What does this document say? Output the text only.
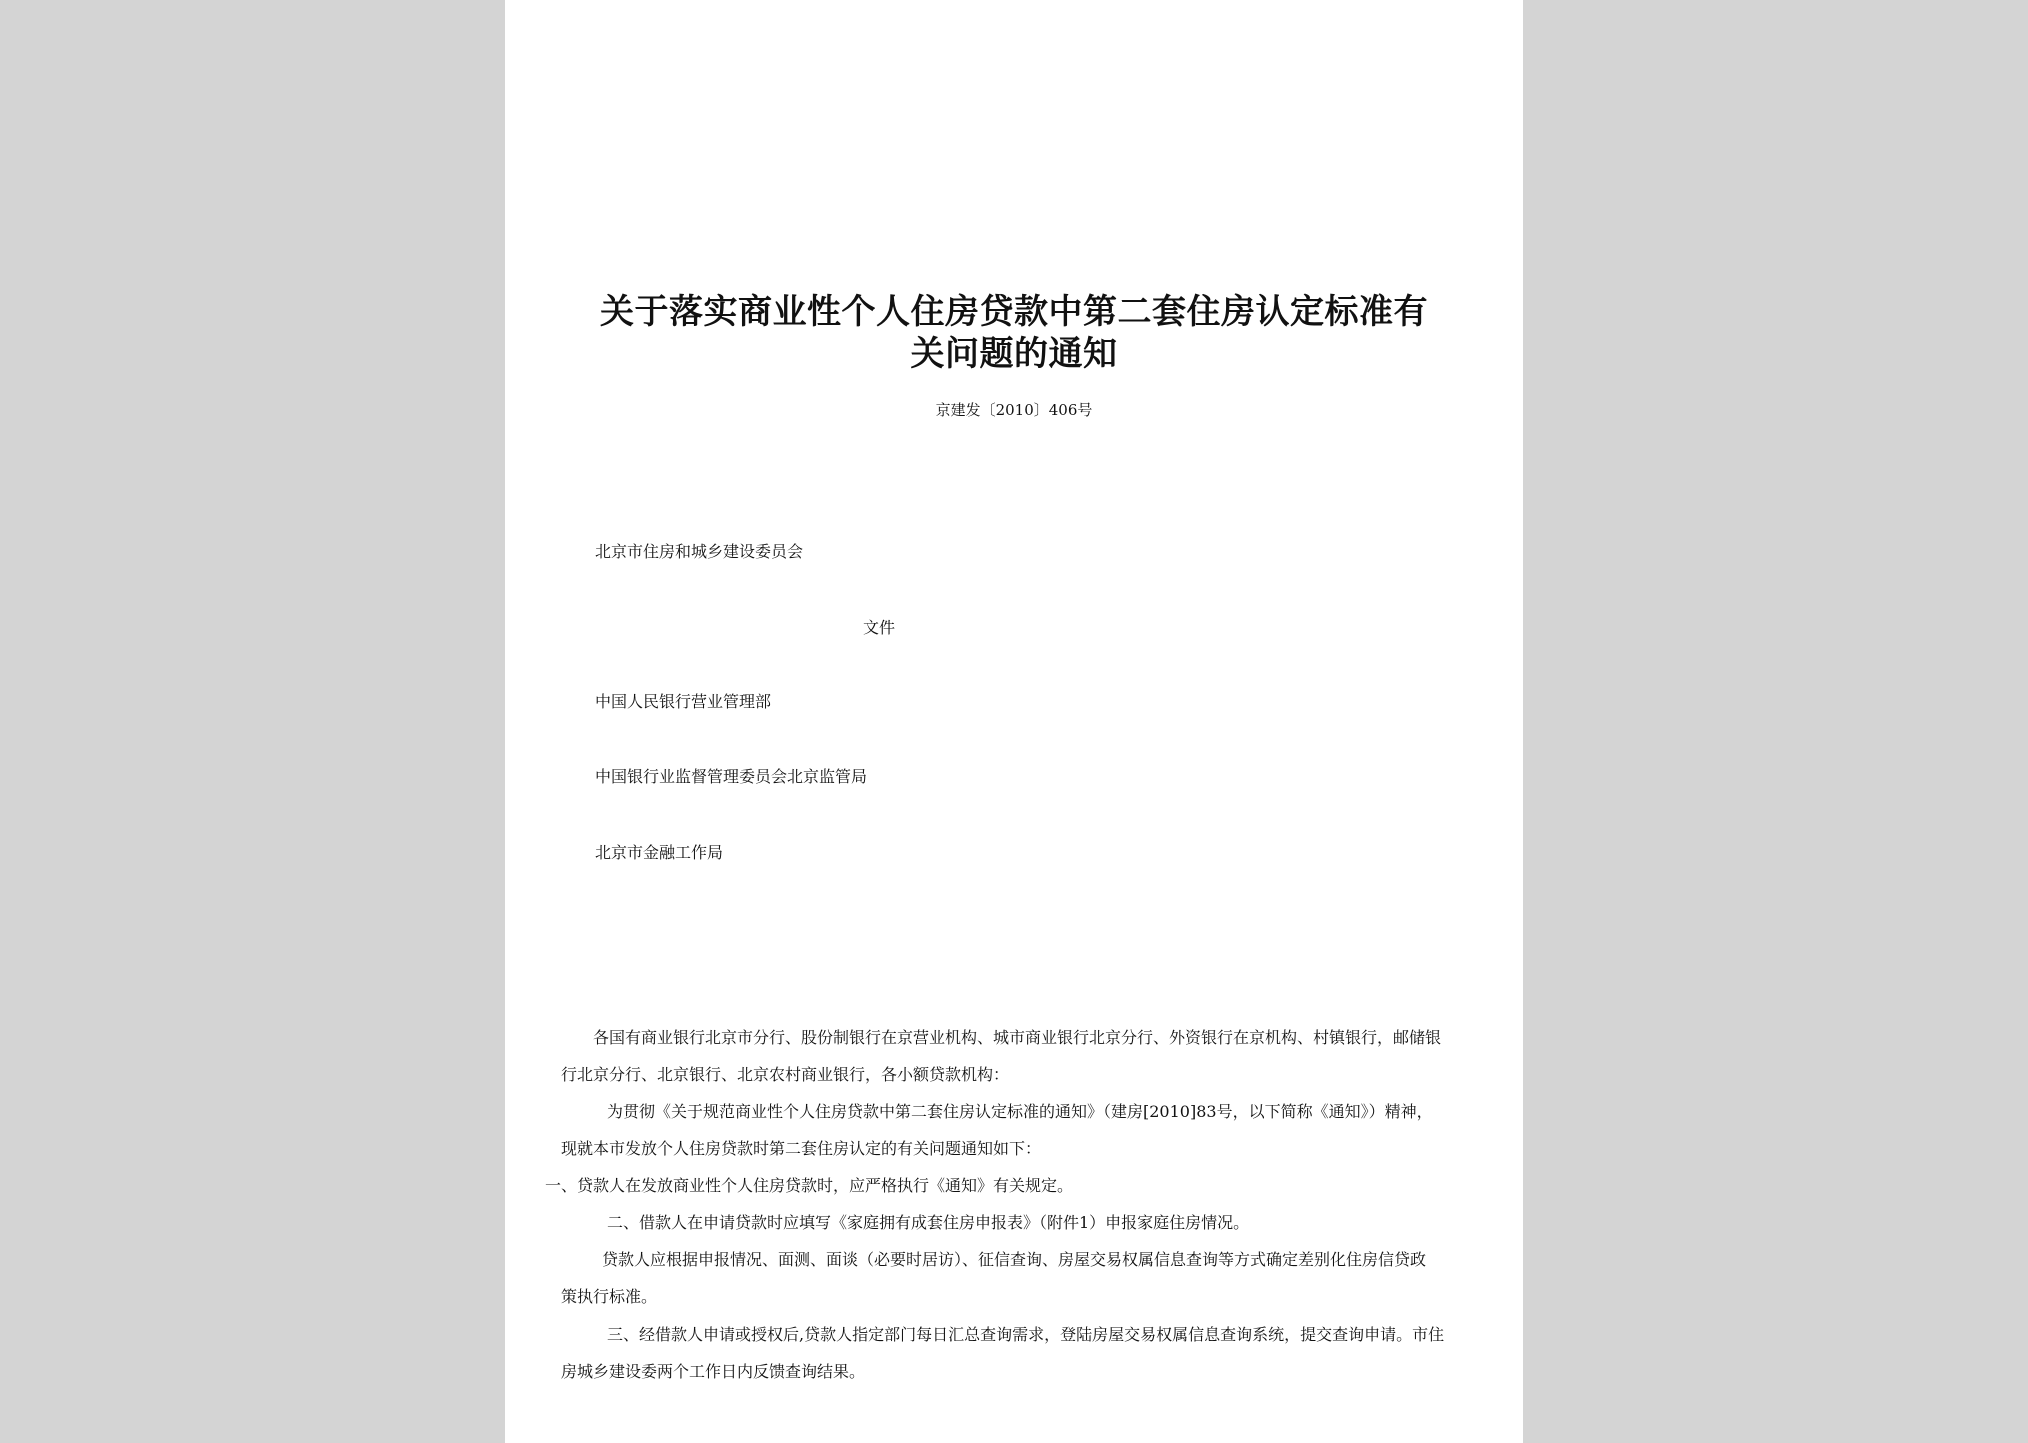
关于落实商业性个人住房贷款中第二套住房认定标准有
关问题的通知
京建发〔2010〕406号
北京市住房和城乡建设委员会
文件
中国人民银行营业管理部
中国银行业监督管理委员会北京监管局
北京市金融工作局
各国有商业银行北京市分行、股份制银行在京营业机构、城市商业银行北京分行、外资银行在京机构、村镇银行，邮储银
行北京分行、北京银行、北京农村商业银行，各小额贷款机构：
为贯彻《关于规范商业性个人住房贷款中第二套住房认定标准的通知》（建房[2010]83号，以下简称《通知》）精神，
现就本市发放个人住房贷款时第二套住房认定的有关问题通知如下：
一、贷款人在发放商业性个人住房贷款时，应严格执行《通知》有关规定。
二、借款人在申请贷款时应填写《家庭拥有成套住房申报表》（附件1）申报家庭住房情况。
贷款人应根据申报情况、面测、面谈（必要时居访）、征信查询、房屋交易权属信息查询等方式确定差别化住房信贷政
策执行标准。
三、经借款人申请或授权后,贷款人指定部门每日汇总查询需求，登陆房屋交易权属信息查询系统，提交查询申请。市住
房城乡建设委两个工作日内反馈查询结果。
